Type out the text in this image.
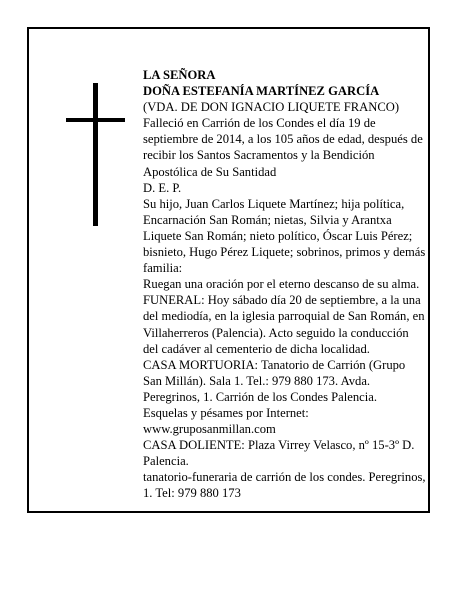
LA SEÑORA
DOÑA ESTEFANÍA MARTÍNEZ GARCÍA
(VDA. DE DON IGNACIO LIQUETE FRANCO)
Falleció en Carrión de los Condes el día 19 de
septiembre de 2014, a los 105 años de edad, después de
recibir los Santos Sacramentos y la Bendición
Apostólica de Su Santidad
D. E. P.
Su hijo, Juan Carlos Liquete Martínez; hija política,
Encarnación San Román; nietas, Silvia y Arantxa
Liquete San Román; nieto político, Óscar Luis Pérez;
bisnieto, Hugo Pérez Liquete; sobrinos, primos y demás
familia:
Ruegan una oración por el eterno descanso de su alma.
FUNERAL: Hoy sábado día 20 de septiembre, a la una
del mediodía, en la iglesia parroquial de San Román, en
Villaherreros (Palencia). Acto seguido la conducción
del cadáver al cementerio de dicha localidad.
CASA MORTUORIA: Tanatorio de Carrión (Grupo
San Millán). Sala 1. Tel.: 979 880 173. Avda.
Peregrinos, 1. Carrión de los Condes Palencia.
Esquelas y pésames por Internet:
www.gruposanmillan.com
CASA DOLIENTE: Plaza Virrey Velasco, nº 15-3º D.
Palencia.
tanatorio-funeraria de carrión de los condes. Peregrinos,
1. Tel: 979 880 173
